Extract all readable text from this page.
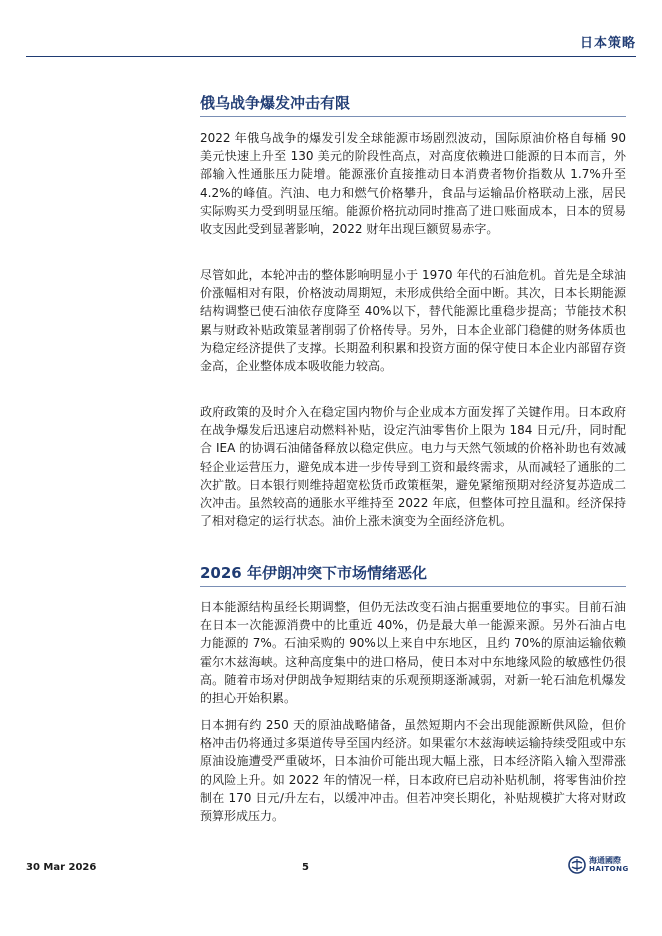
日本策略
俄乌战争爆发冲击有限

2022 年俄乌战争的爆发引发全球能源市场剧烈波动，国际原油价格自每桶 90 美元快速上升至 130 美元的阶段性高点，对高度依赖进口能源的日本而言，外部输入性通胀压力陡增。能源涨价直接推动日本消费者物价指数从 1.7%升至 4.2%的峰值。汽油、电力和燃气价格攀升，食品与运输品价格联动上涨，居民实际购买力受到明显压缩。能源价格抗动同时推高了进口账面成本，日本的贸易收支因此受到显著影响，2022 财年出现巨额贸易赤字。

尽管如此，本轮冲击的整体影响明显小于 1970 年代的石油危机。首先是全球油价涨幅相对有限，价格波动周期短，未形成供给全面中断。其次，日本长期能源结构调整已使石油依存度降至 40%以下，替代能源比重稳步提高；节能技术积累与财政补贴政策显著削弱了价格传导。另外，日本企业部门稳健的财务体质也为稳定经济提供了支撑。长期盈利积累和投资方面的保守使日本企业内部留存资金高，企业整体成本吸收能力较高。

政府政策的及时介入在稳定国内物价与企业成本方面发挥了关键作用。日本政府在战争爆发后迅速启动燃料补贴，设定汽油零售价上限为 184 日元/升，同时配合 IEA 的协调石油储备释放以稳定供应。电力与天然气领域的价格补助也有效减轻企业运营压力，避免成本进一步传导到工资和最终需求，从而减轻了通胀的二次扩散。日本银行则维持超宽松货币政策框架，避免紧缩预期对经济复苏造成二次冲击。虽然较高的通胀水平维持至 2022 年底，但整体可控且温和。经济保持了相对稳定的运行状态。油价上涨未演变为全面经济危机。

2026 年伊朗冲突下市场情绪恶化

日本能源结构虽经长期调整，但仍无法改变石油占据重要地位的事实。目前石油在日本一次能源消费中的比重近 40%，仍是最大单一能源来源。另外石油占电力能源的 7%。石油采购的 90%以上来自中东地区，且约 70%的原油运输依赖霍尔木兹海峡。这种高度集中的进口格局，使日本对中东地缘风险的敏感性仍很高。随着市场对伊朗战争短期结束的乐观预期逐渐减弱，对新一轮石油危机爆发的担心开始积累。

日本拥有约 250 天的原油战略储备，虽然短期内不会出现能源断供风险，但价格冲击仍将通过多渠道传导至国内经济。如果霍尔木兹海峡运输持续受阻或中东原油设施遭受严重破坏，日本油价可能出现大幅上涨，日本经济陷入输入型滞涨的风险上升。如 2022 年的情况一样，日本政府已启动补贴机制，将零售油价控制在 170 日元/升左右，以缓冲冲击。但若冲突长期化，补贴规模扩大将对财政预算形成压力。

30 Mar 2026	5
海通國際
HAITONG
